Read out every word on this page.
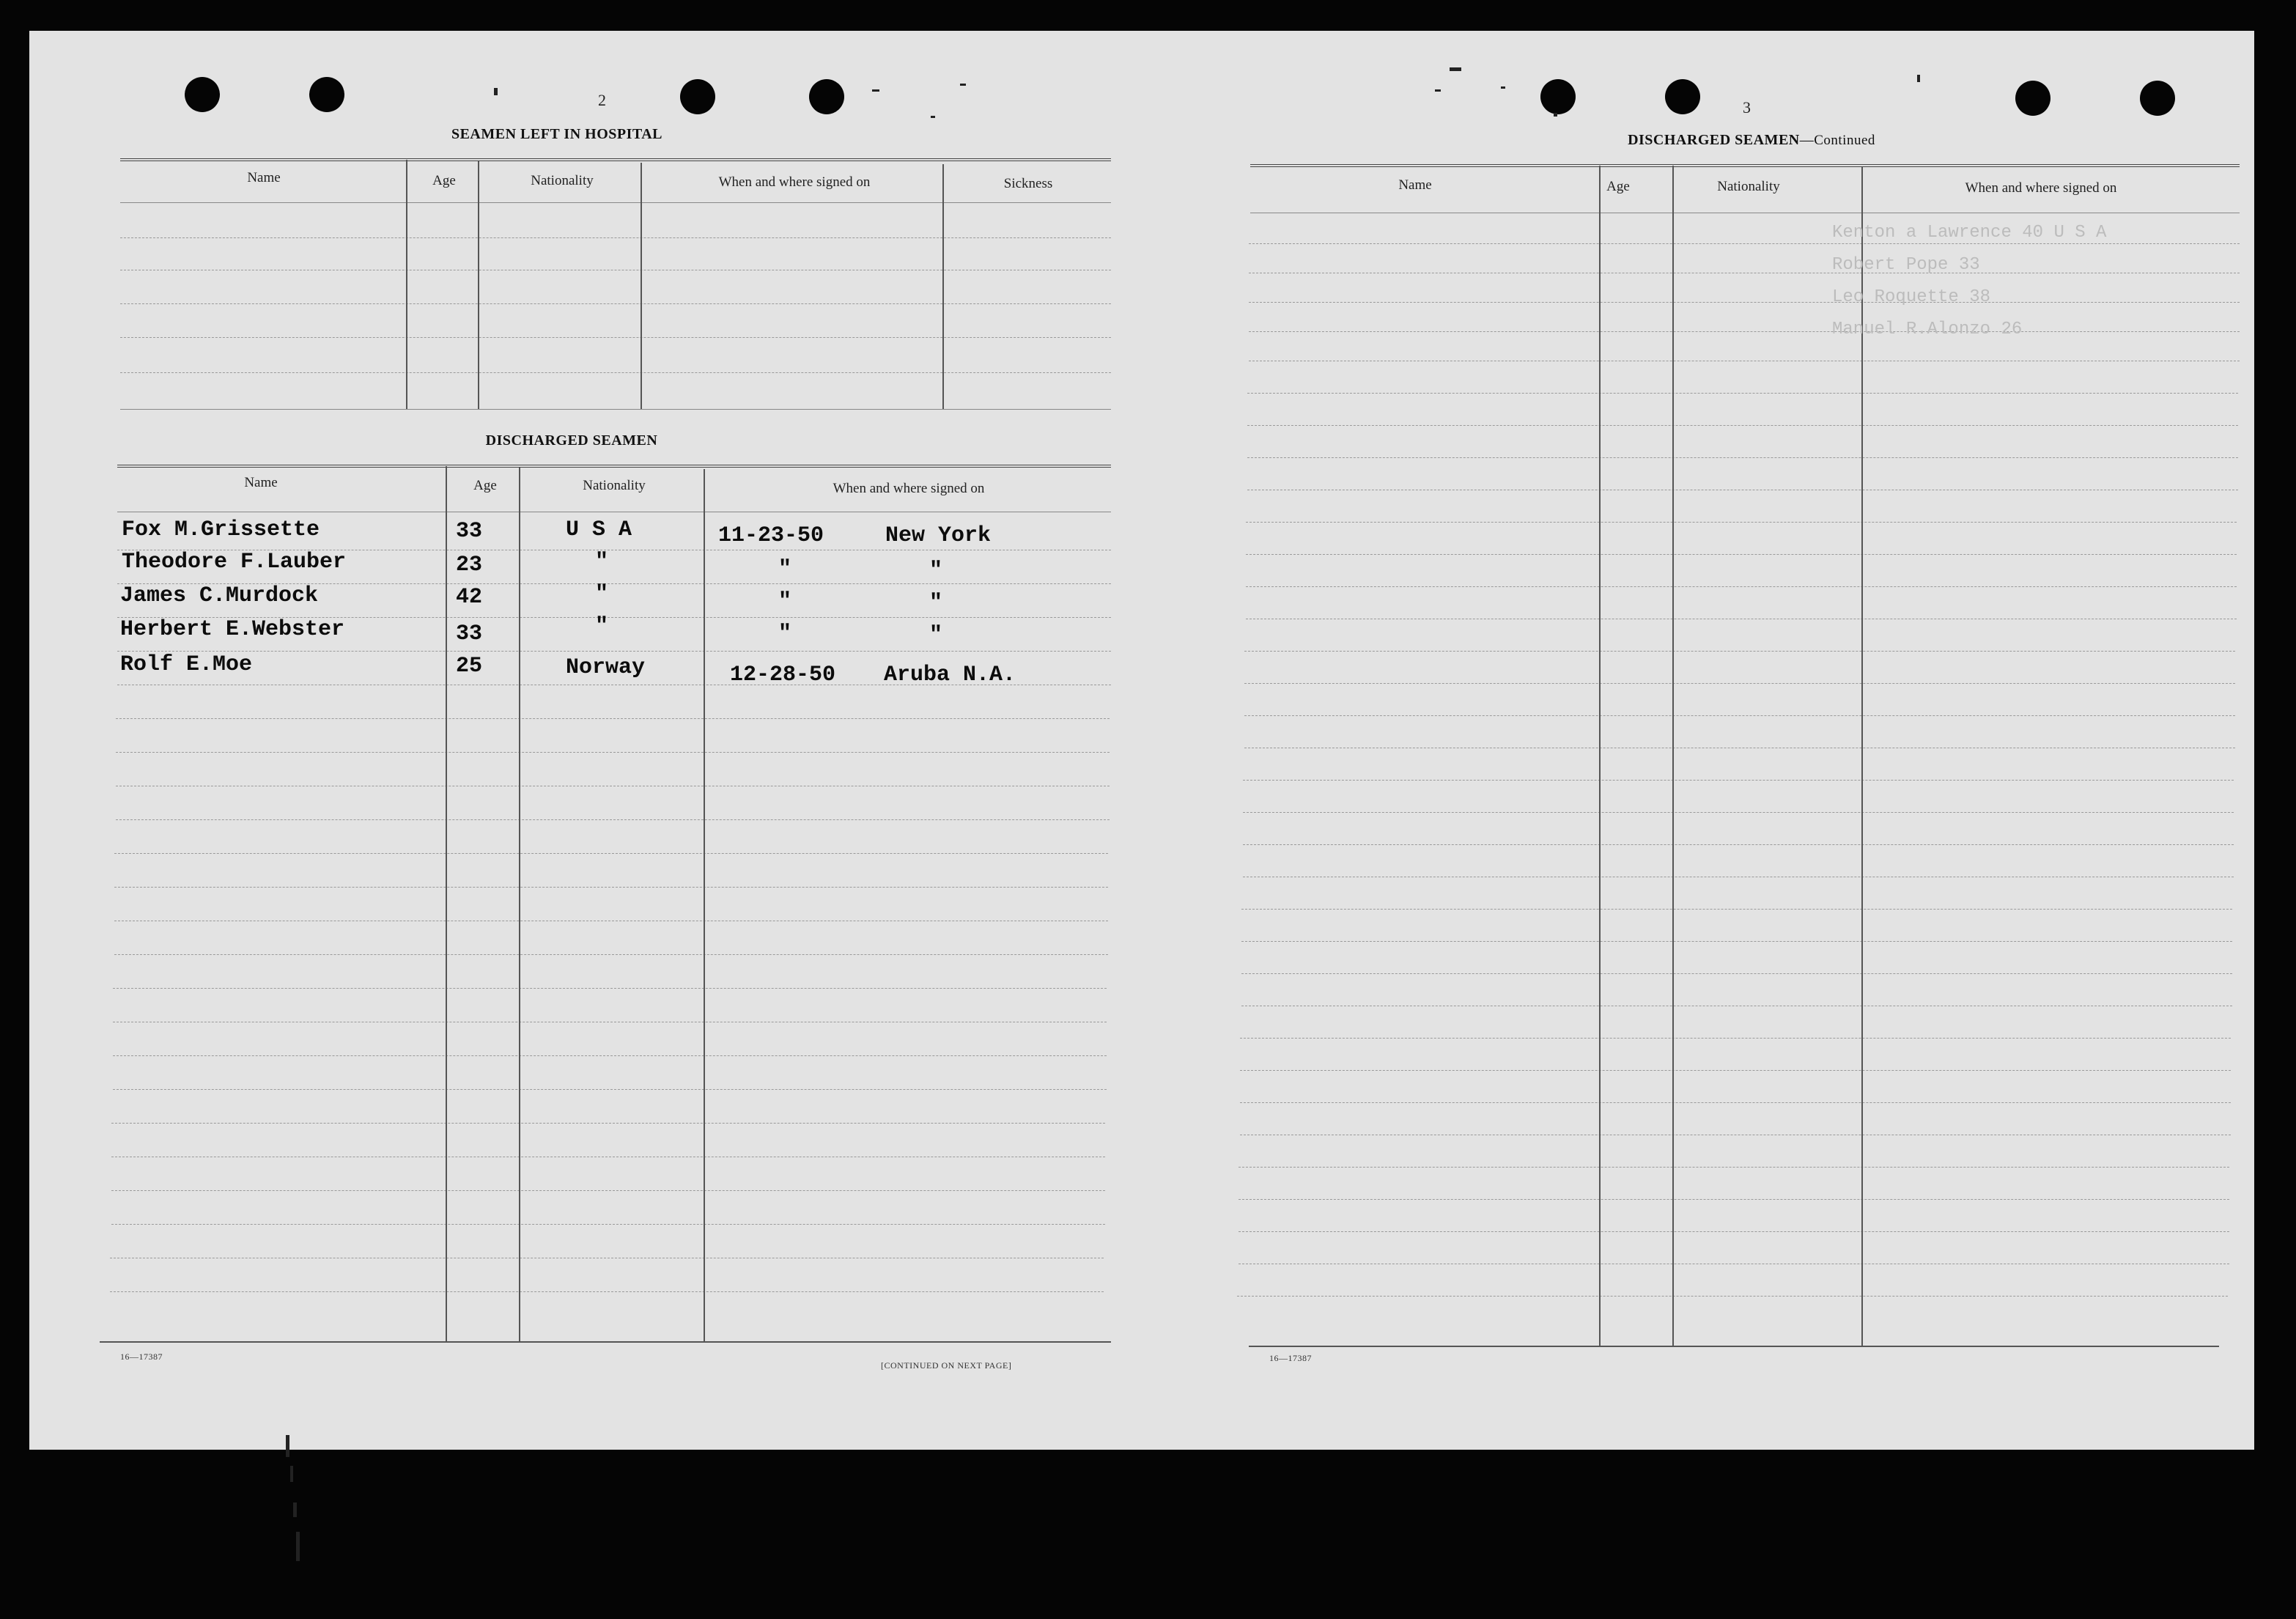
2
SEAMEN LEFT IN HOSPITAL
Name	Age	Nationality	When and where signed on	Sickness
DISCHARGED SEAMEN
Name	Age	Nationality	When and where signed on
Fox M.Grissette	33	U S A	11-23-50	New York
Theodore F.Lauber	23	"	"	"
James C.Murdock	42	"	"	"
Herbert E.Webster	33	"	"	"
Rolf E.Moe	25	Norway	12-28-50 Aruba N.A.
16—17387
[CONTINUED ON NEXT PAGE]
3
DISCHARGED SEAMEN—Continued
Name	Age	Nationality	When and where signed on
Kenton a Lawrence 40 U S A
Robert Pope 33
Leo Roquette 38
Manuel R.Alonzo 26
16—17387
